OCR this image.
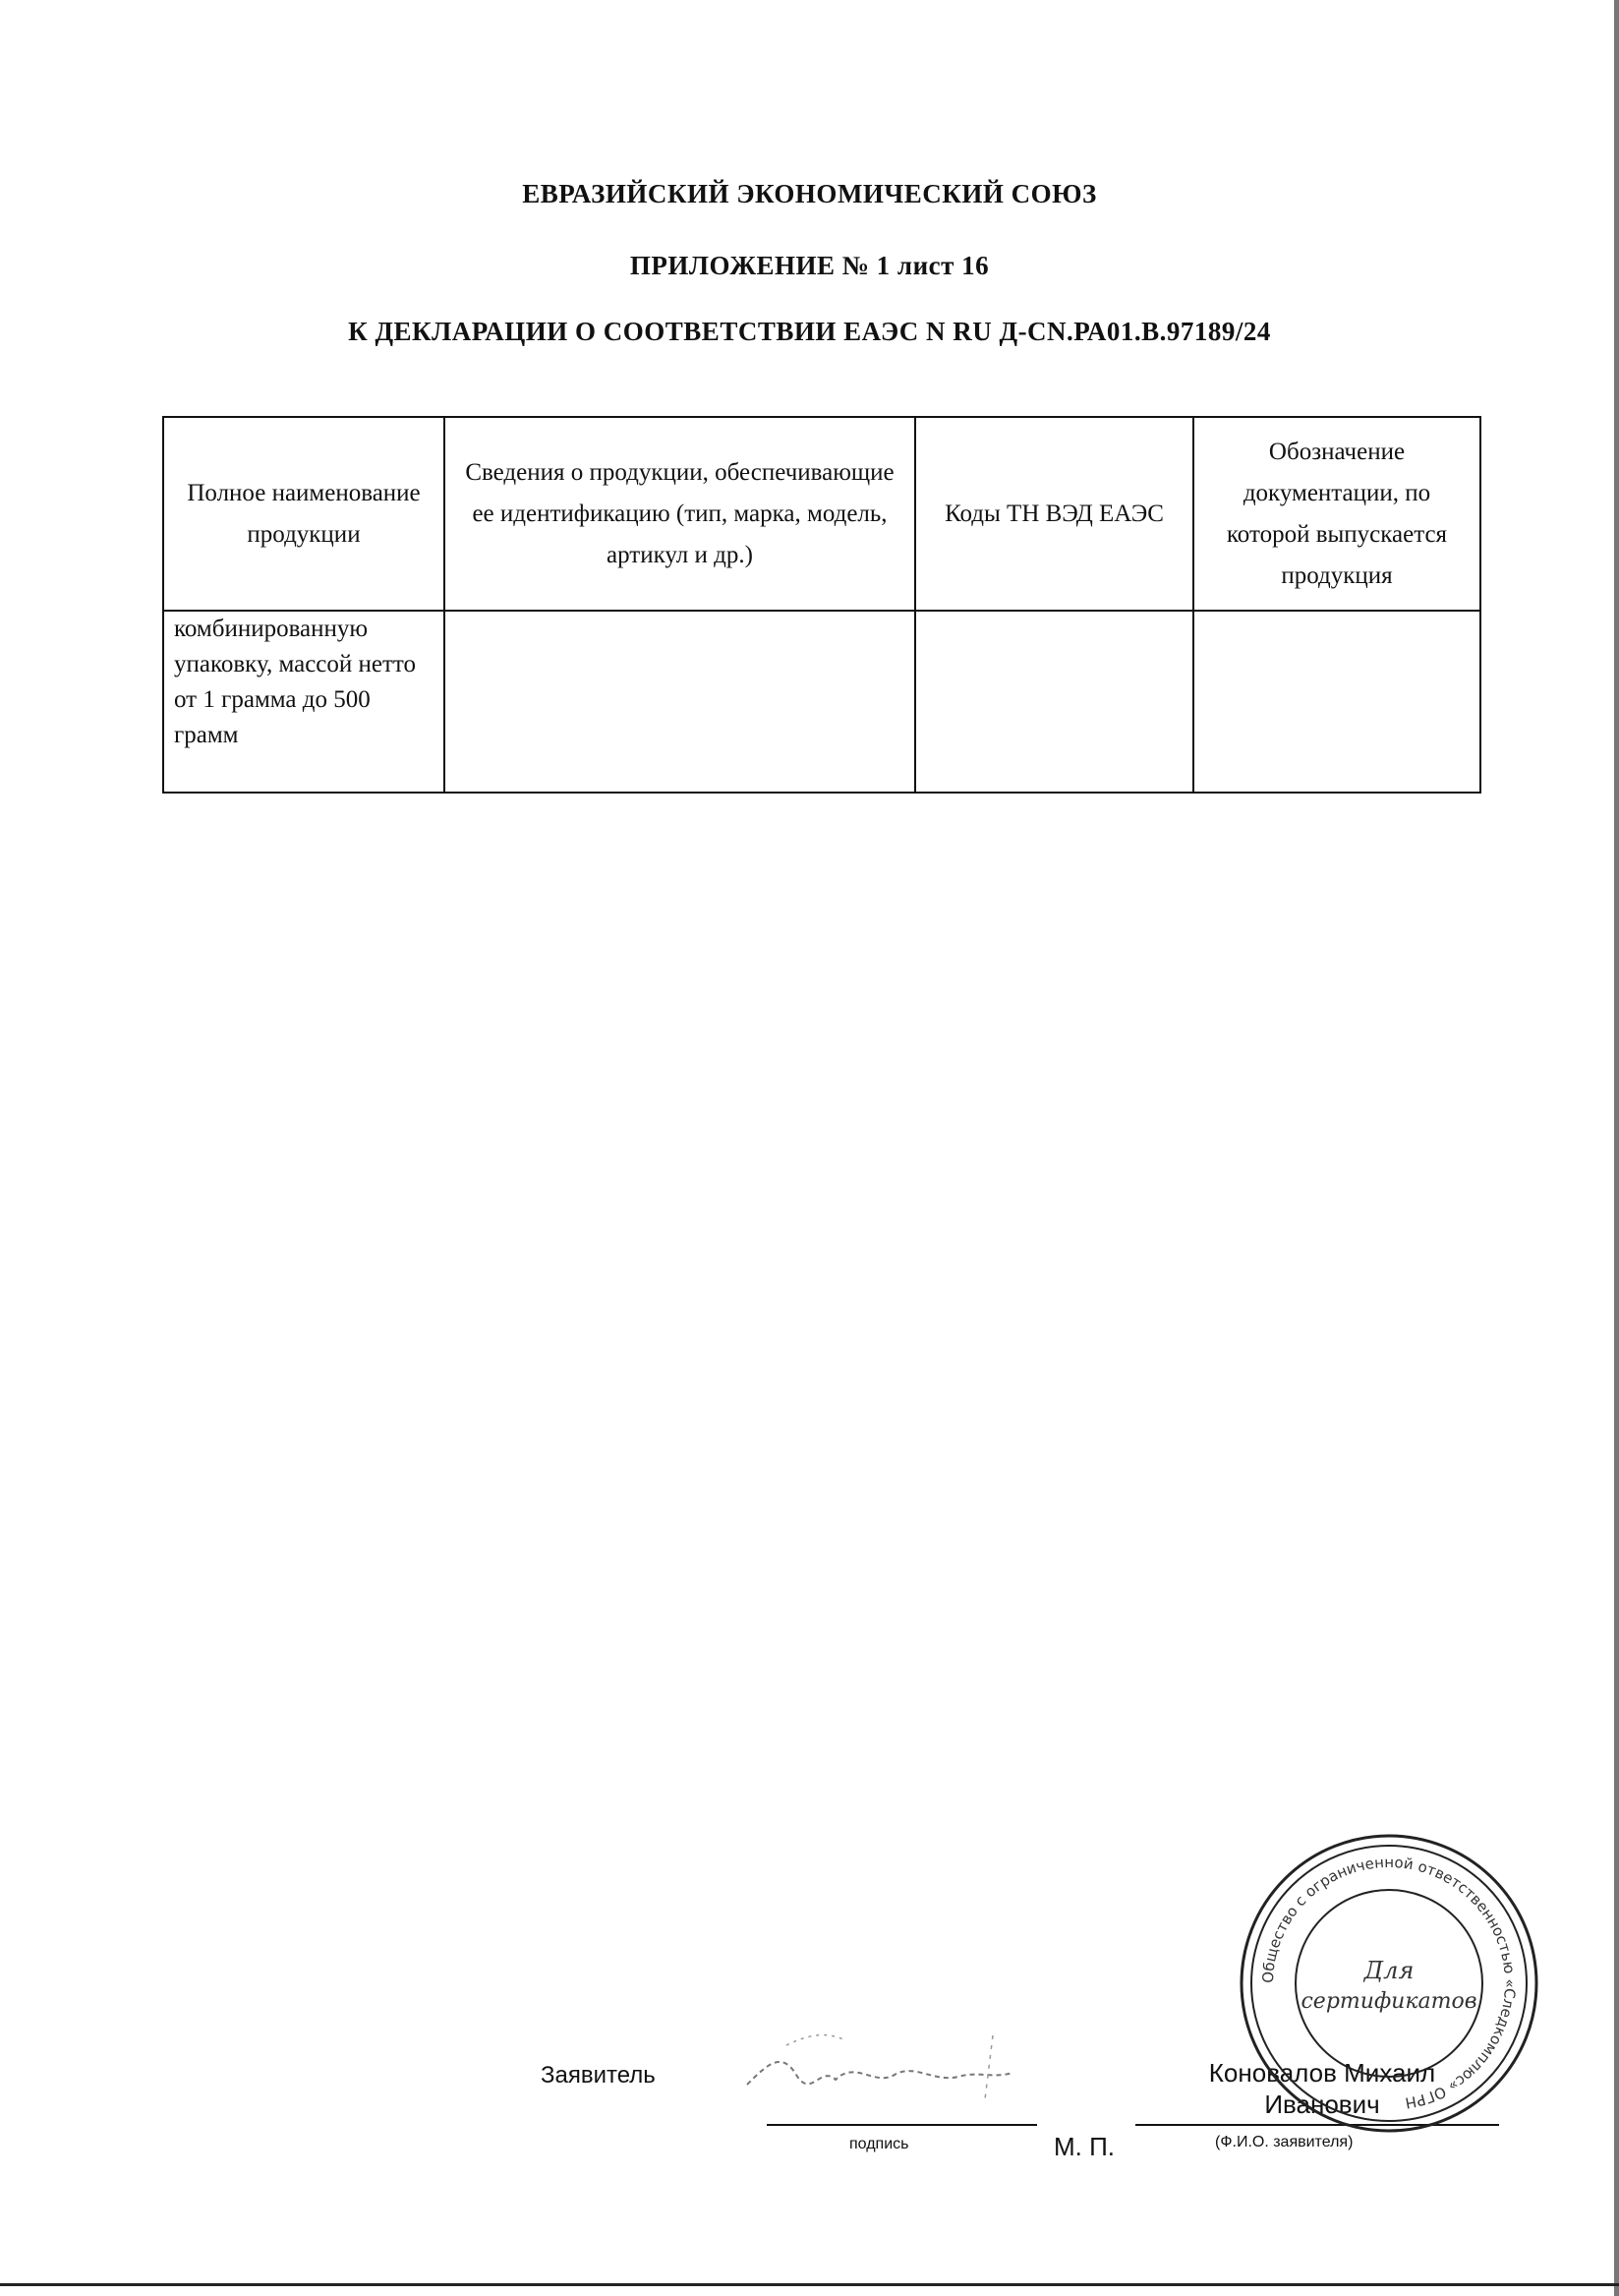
ЕВРАЗИЙСКИЙ ЭКОНОМИЧЕСКИЙ СОЮЗ
ПРИЛОЖЕНИЕ № 1 лист 16
К ДЕКЛАРАЦИИ О СООТВЕТСТВИИ ЕАЭС N RU Д-CN.РА01.В.97189/24
Полное наименование продукции	Сведения о продукции, обеспечивающие ее идентификацию (тип, марка, модель, артикул и др.)	Коды ТН ВЭД ЕАЭС	Обозначение документации, по которой выпускается продукция
комбинированную упаковку, массой нетто от 1 грамма до 500 грамм			
Заявитель
подпись	М. П.
Коновалов Михаил Иванович
(Ф.И.О. заявителя)
Общество с ограниченной ответственностью «Следкомплюс» ОГРН
Для
сертификатов
